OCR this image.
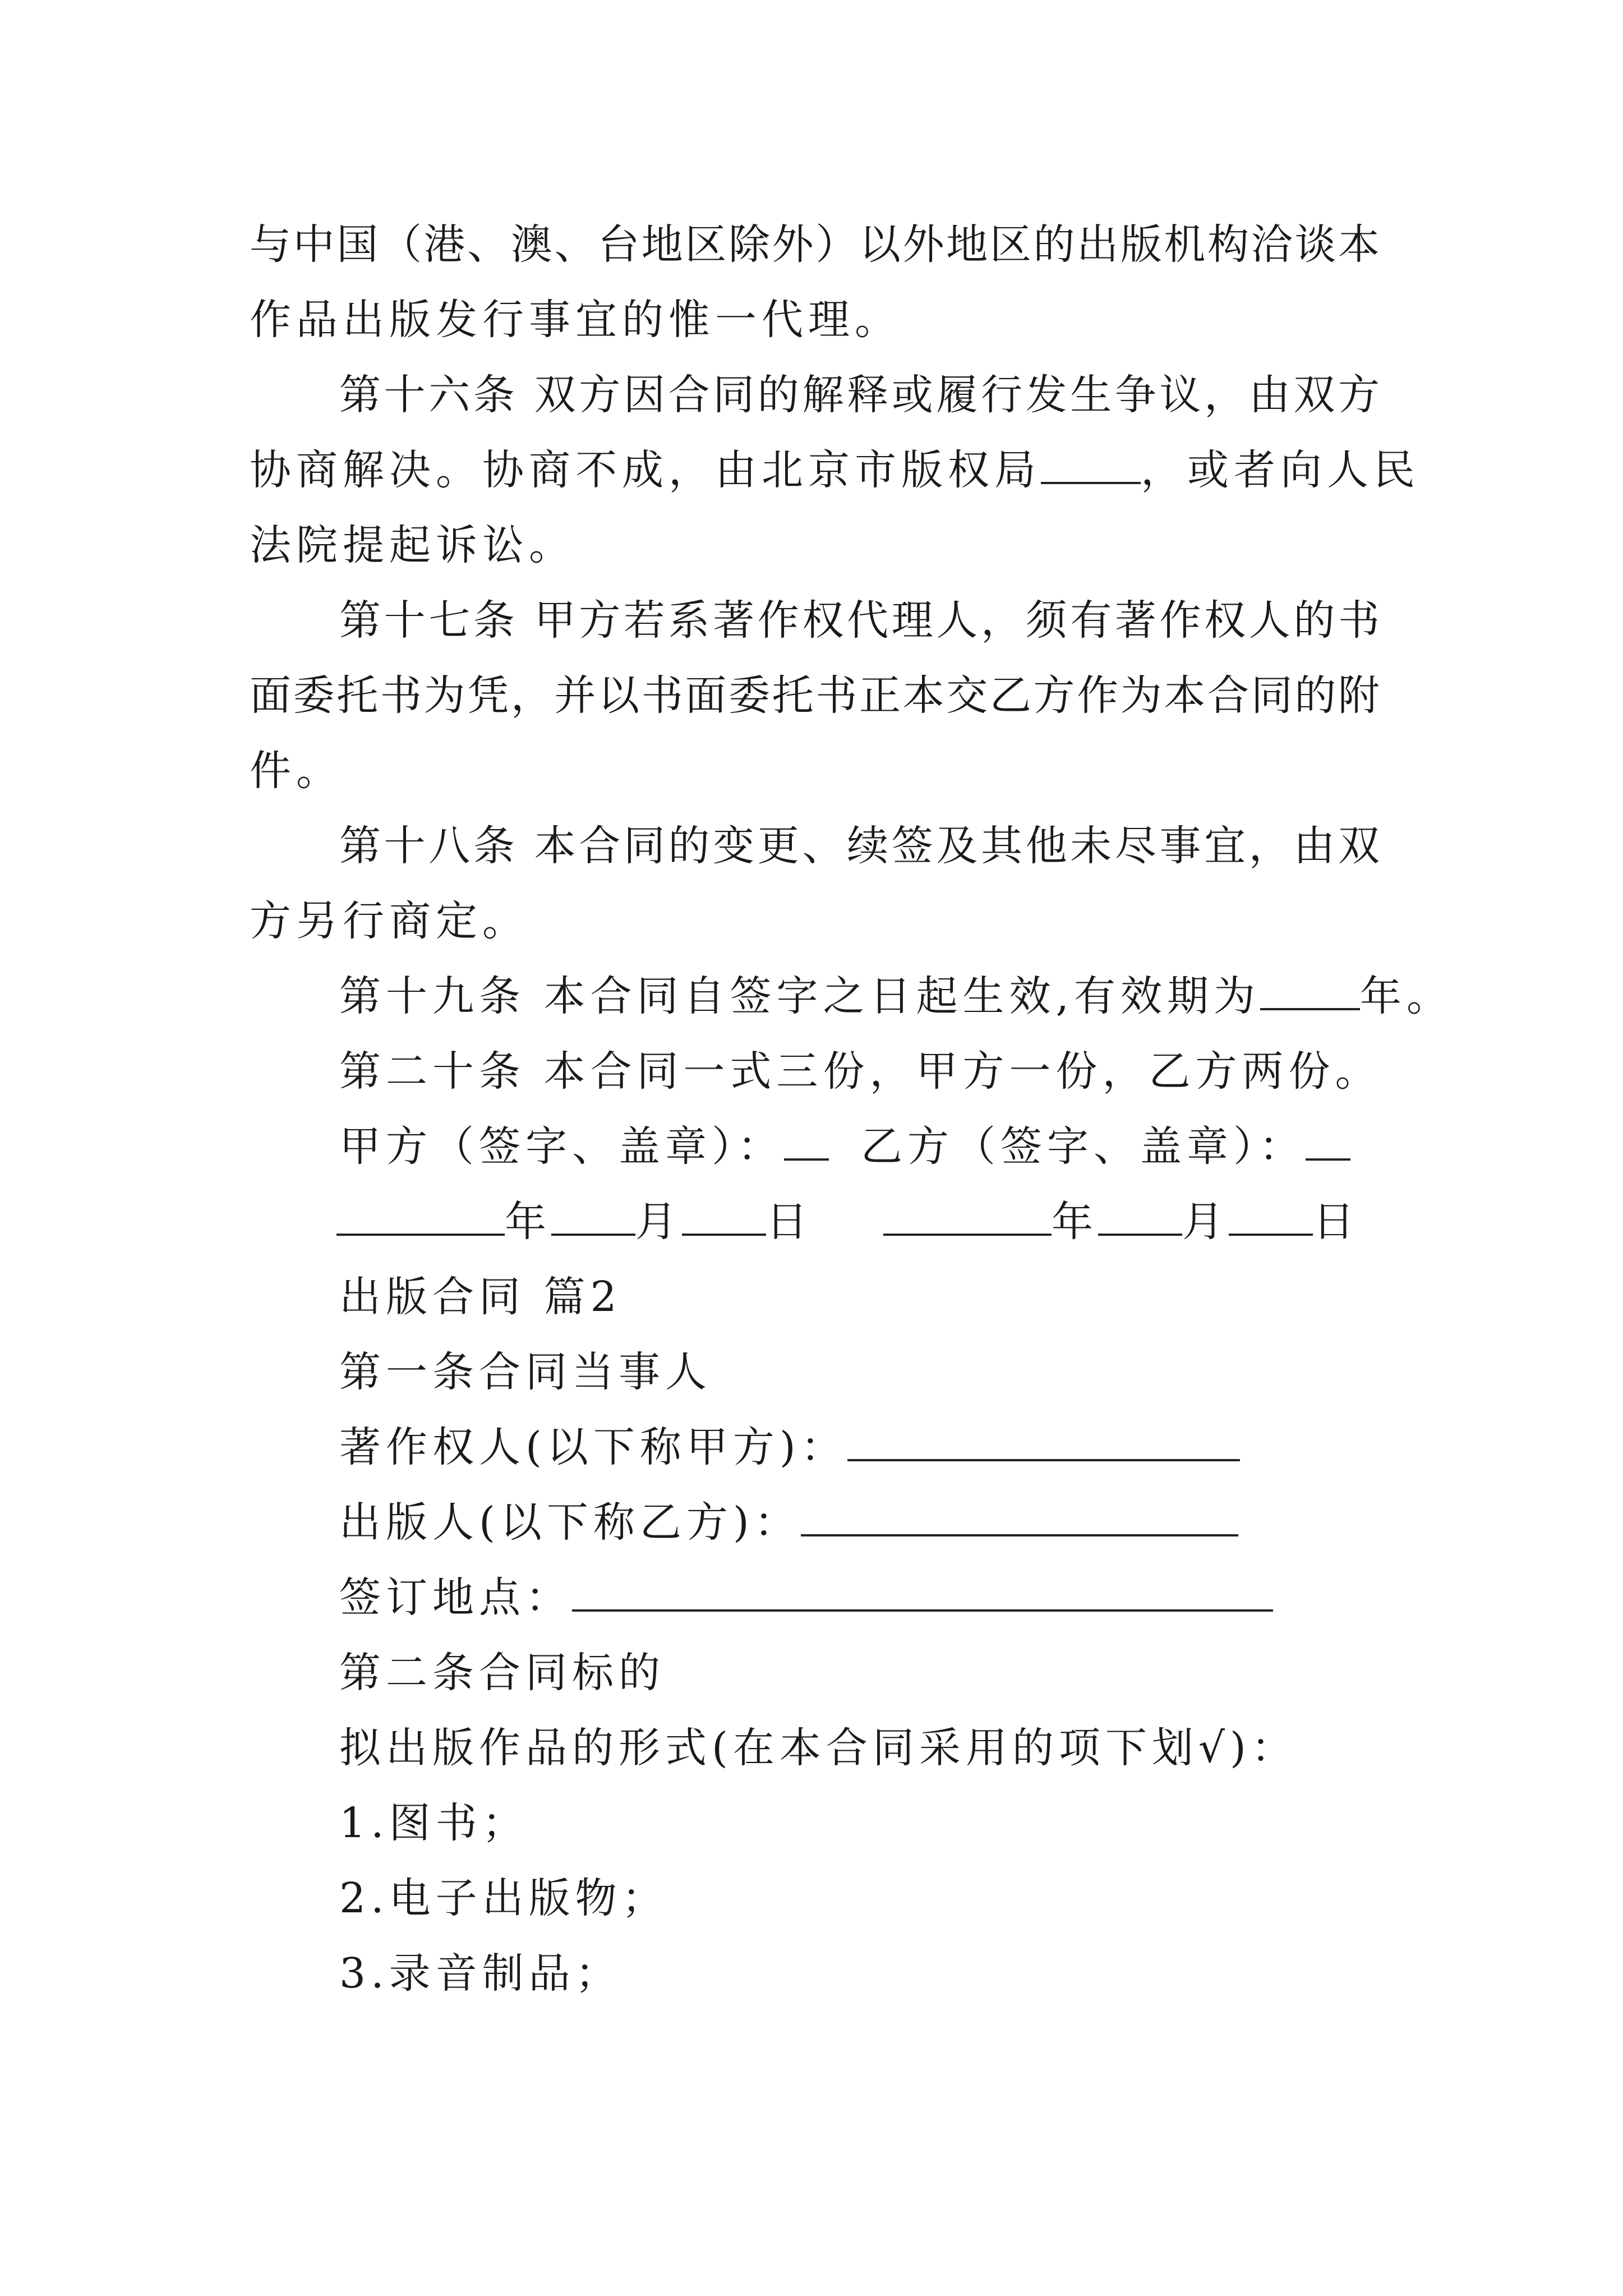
与中国（港、澳、台地区除外）以外地区的出版机构洽谈本
作品出版发行事宜的惟一代理。
第十六条 双方因合同的解释或履行发生争议，由双方
协商解决。协商不成，由北京市版权局 ，或者向人民
法院提起诉讼。
第十七条 甲方若系著作权代理人，须有著作权人的书
面委托书为凭，并以书面委托书正本交乙方作为本合同的附
件。
第十八条 本合同的变更、续签及其他未尽事宜，由双
方另行商定。
第十九条 本合同自签字之日起生效,有效期为 年。
第二十条 本合同一式三份，甲方一份，乙方两份。
甲方（签字、盖章）：	乙方（签字、盖章）：
年 月 日	年 月 日
出版合同 篇2
第一条合同当事人
著作权人(以下称甲方)：
出版人(以下称乙方)：
签订地点：
第二条合同标的
拟出版作品的形式(在本合同采用的项下划√)：
1.图书；
2.电子出版物；
3.录音制品；
